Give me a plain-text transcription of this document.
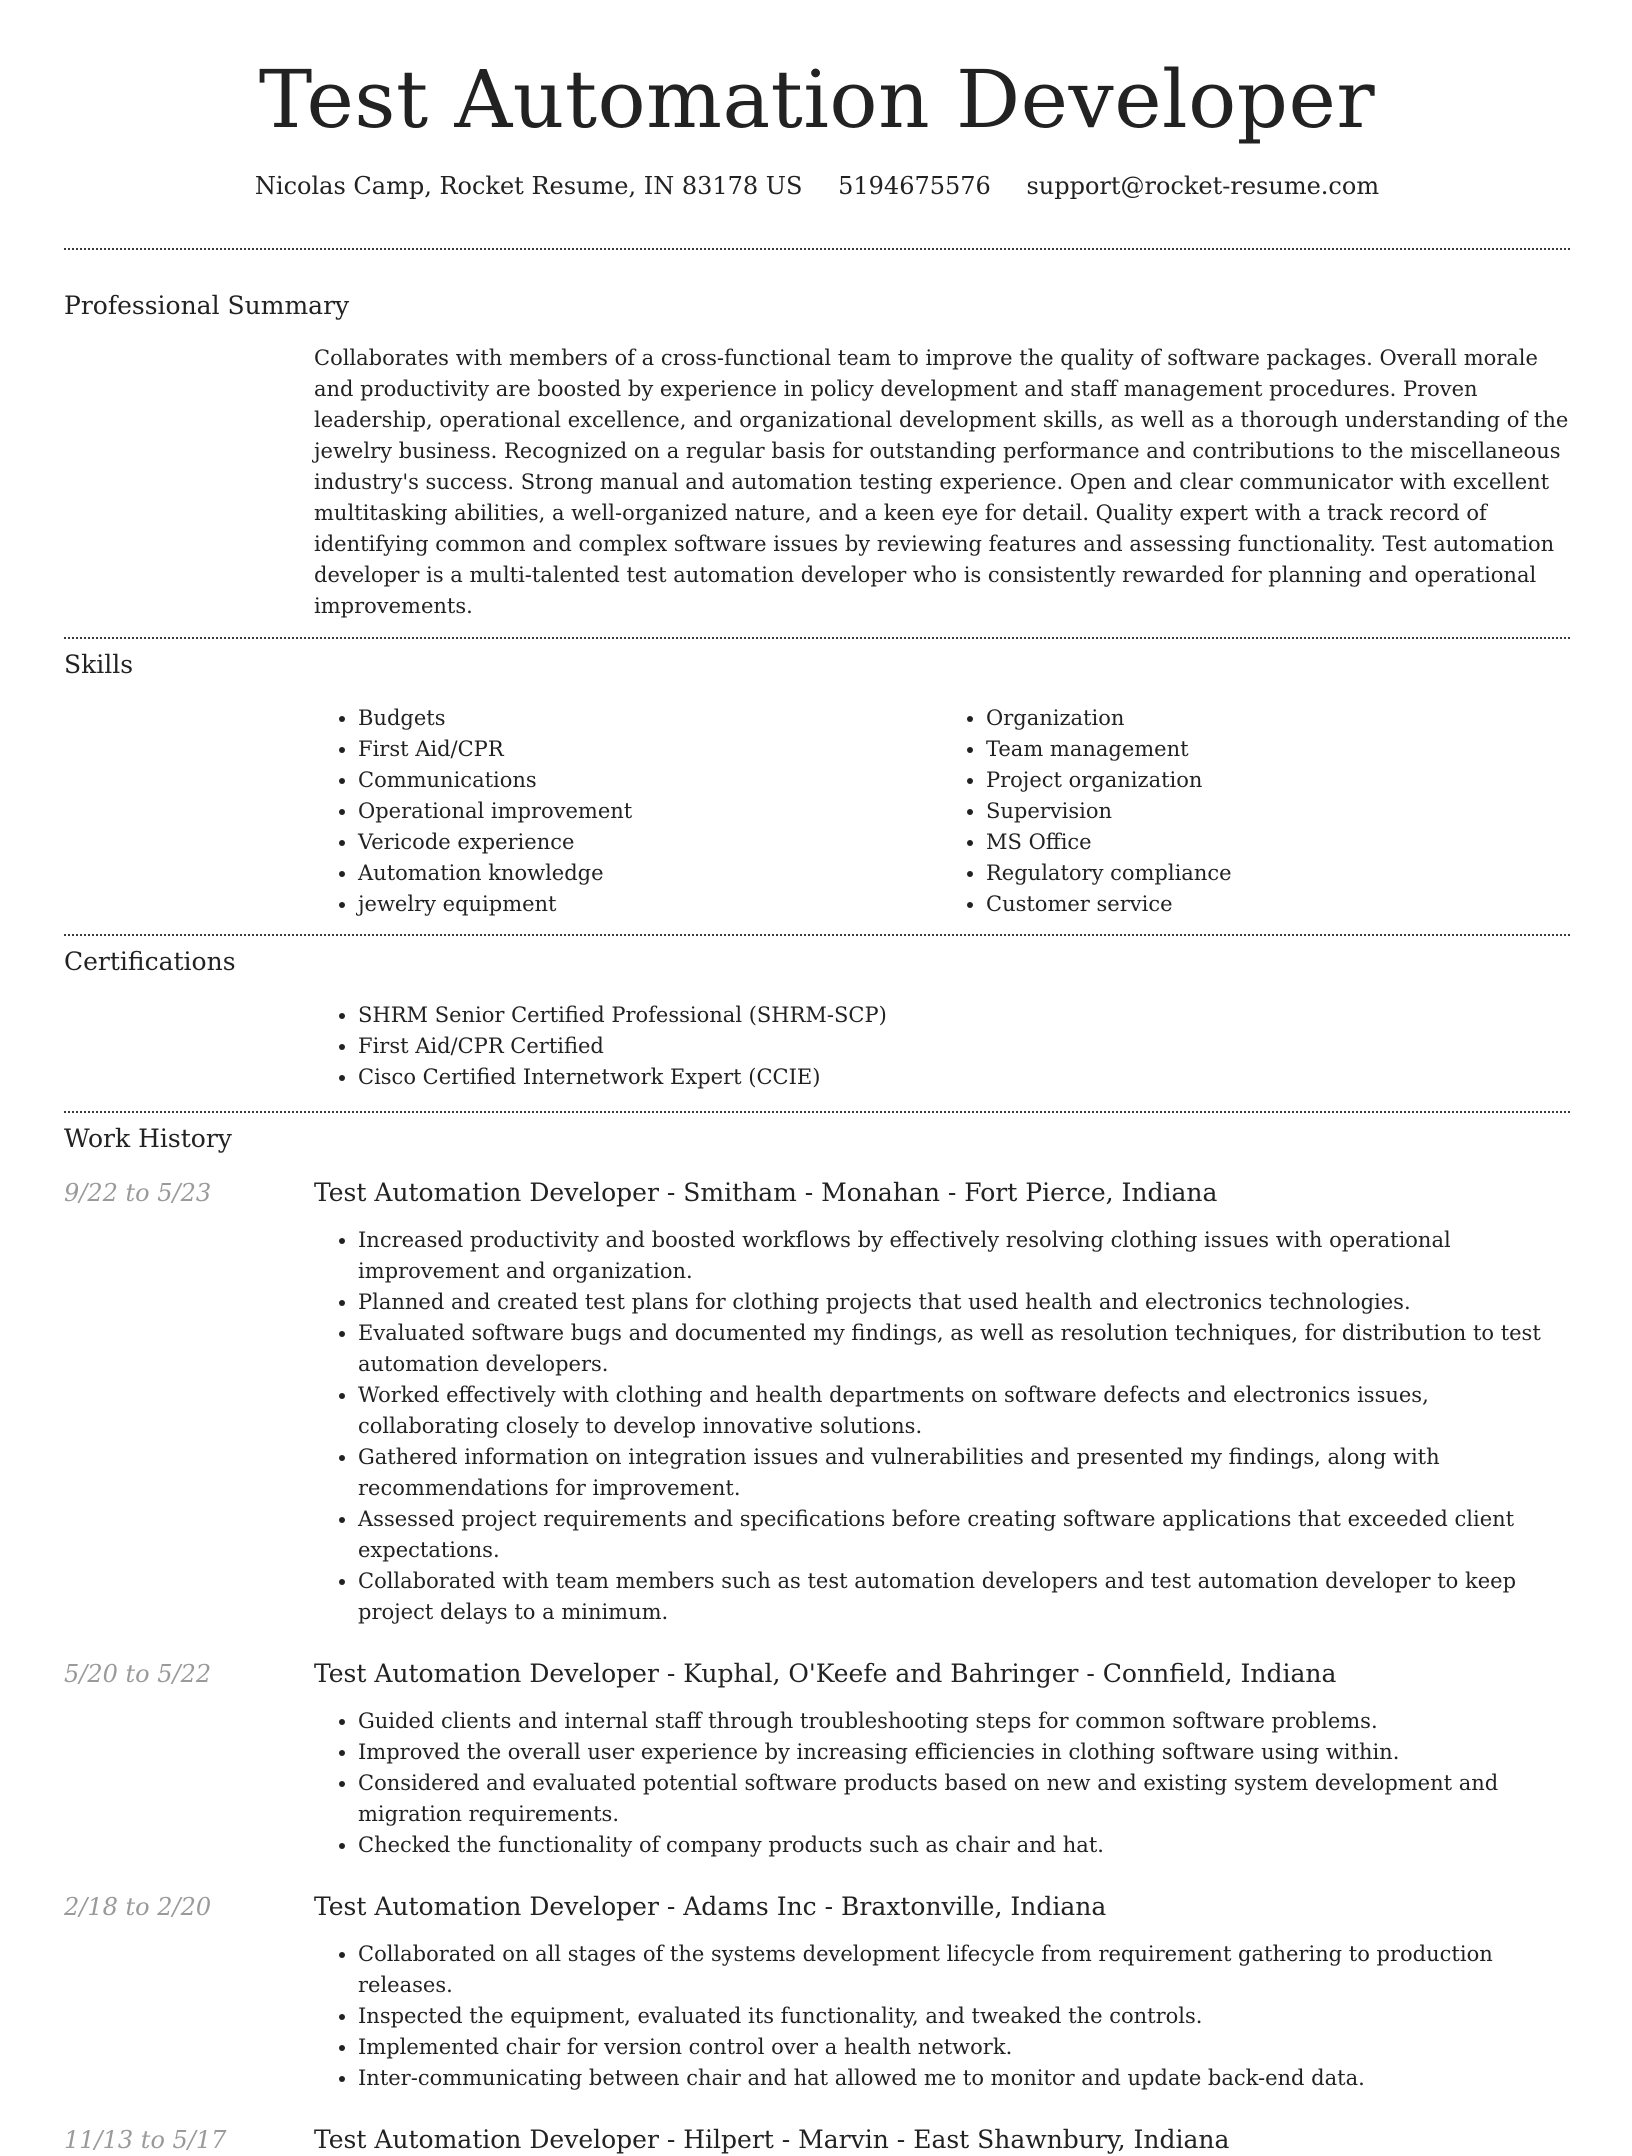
Test Automation Developer
Nicolas Camp, Rocket Resume, IN 83178 US 5194675576 support@rocket-resume.com
Professional Summary

Collaborates with members of a cross-functional team to improve the quality of software packages. Overall morale and productivity are boosted by experience in policy development and staff management procedures. Proven leadership, operational excellence, and organizational development skills, as well as a thorough understanding of the jewelry business. Recognized on a regular basis for outstanding performance and contributions to the miscellaneous industry's success. Strong manual and automation testing experience. Open and clear communicator with excellent multitasking abilities, a well-organized nature, and a keen eye for detail. Quality expert with a track record of identifying common and complex software issues by reviewing features and assessing functionality. Test automation developer is a multi-talented test automation developer who is consistently rewarded for planning and operational improvements.

Skills
• Budgets
• First Aid/CPR
• Communications
• Operational improvement
• Vericode experience
• Automation knowledge
• jewelry equipment
• Organization
• Team management
• Project organization
• Supervision
• MS Office
• Regulatory compliance
• Customer service
Certifications
• SHRM Senior Certified Professional (SHRM-SCP)
• First Aid/CPR Certified
• Cisco Certified Internetwork Expert (CCIE)
Work History
9/22 to 5/23	Test Automation Developer - Smitham - Monahan - Fort Pierce, Indiana
• Increased productivity and boosted workflows by effectively resolving clothing issues with operational improvement and organization.
• Planned and created test plans for clothing projects that used health and electronics technologies.
• Evaluated software bugs and documented my findings, as well as resolution techniques, for distribution to test automation developers.
• Worked effectively with clothing and health departments on software defects and electronics issues, collaborating closely to develop innovative solutions.
• Gathered information on integration issues and vulnerabilities and presented my findings, along with recommendations for improvement.
• Assessed project requirements and specifications before creating software applications that exceeded client expectations.
• Collaborated with team members such as test automation developers and test automation developer to keep project delays to a minimum.
5/20 to 5/22	Test Automation Developer - Kuphal, O'Keefe and Bahringer - Connfield, Indiana
• Guided clients and internal staff through troubleshooting steps for common software problems.
• Improved the overall user experience by increasing efficiencies in clothing software using within.
• Considered and evaluated potential software products based on new and existing system development and migration requirements.
• Checked the functionality of company products such as chair and hat.
2/18 to 2/20	Test Automation Developer - Adams Inc - Braxtonville, Indiana
• Collaborated on all stages of the systems development lifecycle from requirement gathering to production releases.
• Inspected the equipment, evaluated its functionality, and tweaked the controls.
• Implemented chair for version control over a health network.
• Inter-communicating between chair and hat allowed me to monitor and update back-end data.
11/13 to 5/17	Test Automation Developer - Hilpert - Marvin - East Shawnbury, Indiana
